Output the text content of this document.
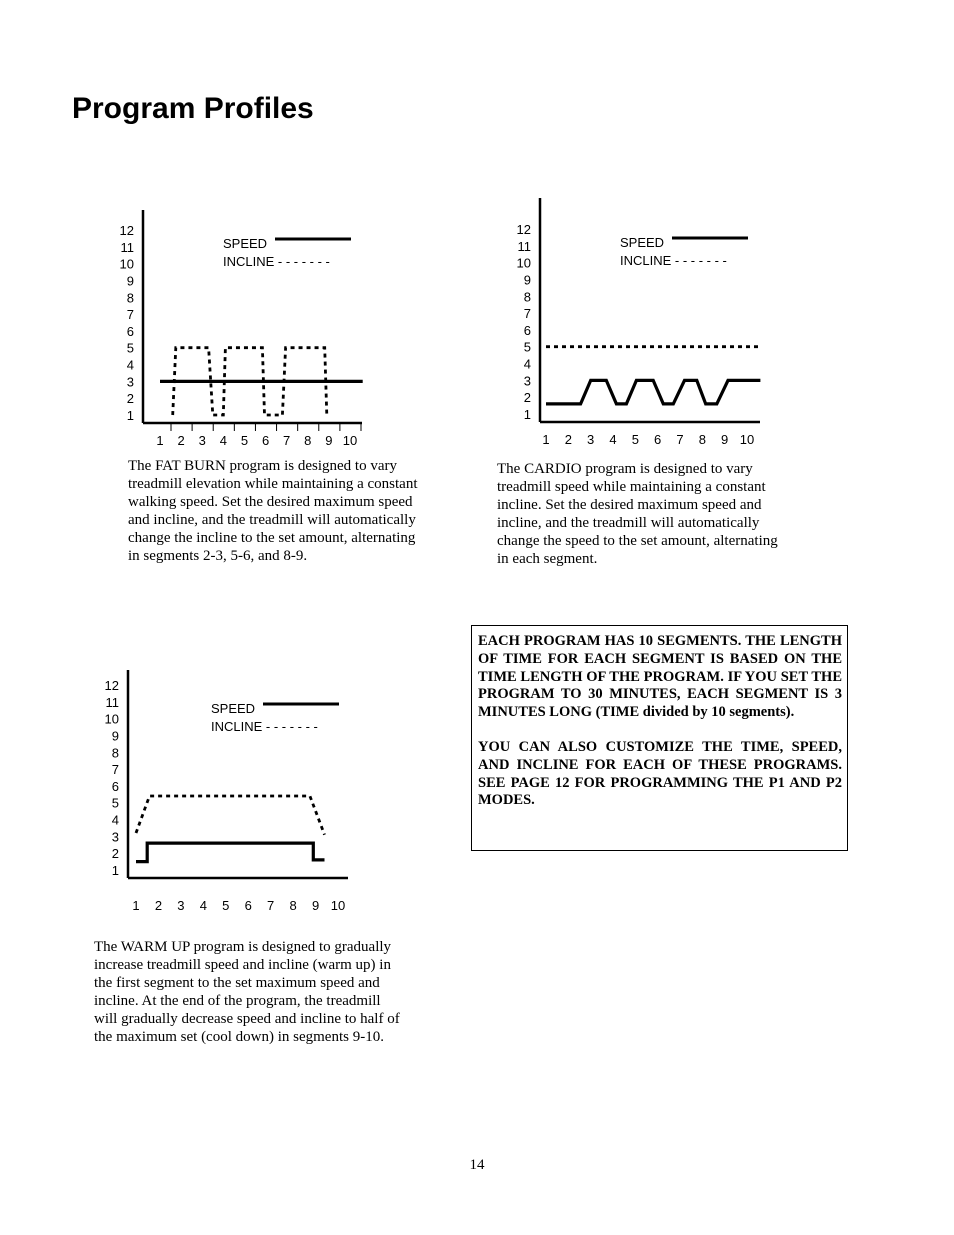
Program Profiles
1
2
3
4
5
6
7
8
9
10
11
12
1 2 3 4 5 6 7 8 9 10
SPEED
INCLINE - - - - - - -
The FAT BURN program is designed to vary
treadmill elevation while maintaining a constant
walking speed. Set the desired maximum speed
and incline, and the treadmill will automatically
change the incline to the set amount, alternating
in segments 2-3, 5-6, and 8-9.
1
2
3
4
5
6
7
8
9
10
11
12
1 2 3 4 5 6 7 8 9 10
SPEED
INCLINE - - - - - - -
The CARDIO program is designed to vary
treadmill speed while maintaining a constant
incline. Set the desired maximum speed and
incline, and the treadmill will automatically
change the speed to the set amount, alternating
in each segment.
1
2
3
4
5
6
7
8
9
10
11
12
1 2 3 4 5 6 7 8 9 10
SPEED
INCLINE - - - - - - -
The WARM UP program is designed to gradually
increase treadmill speed and incline (warm up) in
the first segment to the set maximum speed and
incline. At the end of the program, the treadmill
will gradually decrease speed and incline to half of
the maximum set (cool down) in segments 9-10.

EACH PROGRAM HAS 10 SEGMENTS. THE LENGTH OF TIME FOR EACH SEGMENT IS BASED ON THE TIME LENGTH OF THE PROGRAM. IF YOU SET THE PROGRAM TO 30 MINUTES, EACH SEGMENT IS 3 MINUTES LONG (TIME divided by 10 segments).

YOU CAN ALSO CUSTOMIZE THE TIME, SPEED, AND INCLINE FOR EACH OF THESE PROGRAMS. SEE PAGE 12 FOR PROGRAMMING THE P1 AND P2 MODES.

14
